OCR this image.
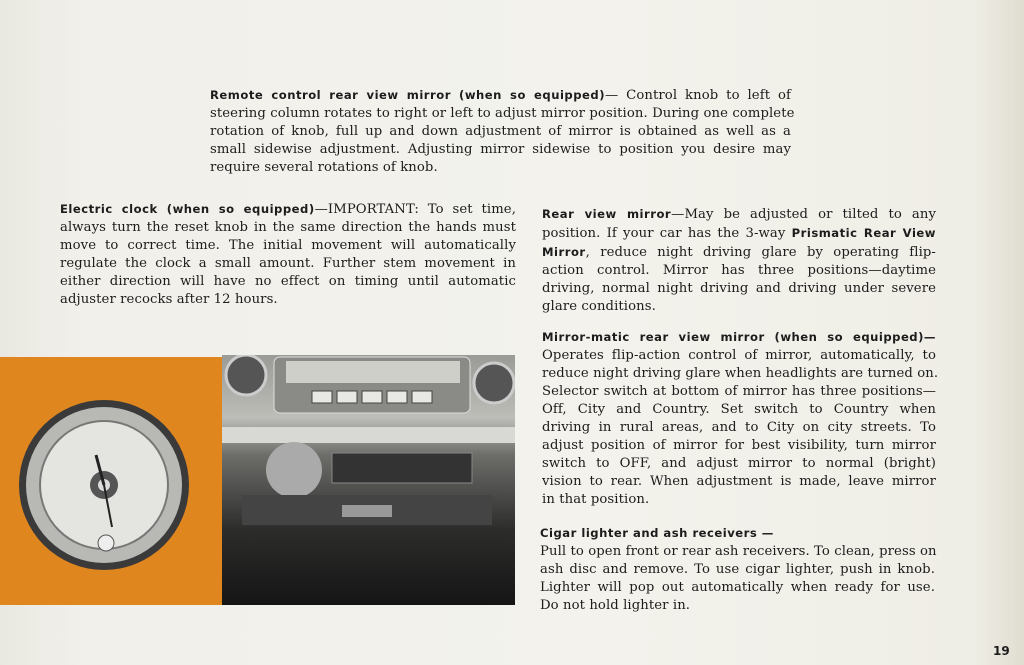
Remote control rear view mirror (when so equipped)— Control knob to left of
steering column rotates to right or left to adjust mirror position. During one complete
rotation of knob, full up and down adjustment of mirror is obtained as well as a
small sidewise adjustment. Adjusting mirror sidewise to position you desire may
require several rotations of knob.
Electric clock (when so equipped)—IMPORTANT: To set time,
always turn the reset knob in the same direction the hands must
move to correct time. The initial movement will automatically
regulate the clock a small amount. Further stem movement in
either direction will have no effect on timing until automatic
adjuster recocks after 12 hours.
Rear view mirror—May be adjusted or tilted to any
position. If your car has the 3-way Prismatic Rear View
Mirror, reduce night driving glare by operating flip-
action control. Mirror has three positions—daytime
driving, normal night driving and driving under severe
glare conditions.
Mirror-matic rear view mirror (when so equipped)—
Operates flip-action control of mirror, automatically, to
reduce night driving glare when headlights are turned on.
Selector switch at bottom of mirror has three positions—
Off, City and Country. Set switch to Country when
driving in rural areas, and to City on city streets. To
adjust position of mirror for best visibility, turn mirror
switch to OFF, and adjust mirror to normal (bright)
vision to rear. When adjustment is made, leave mirror
in that position.
Cigar lighter and ash receivers —
Pull to open front or rear ash receivers. To clean, press on
ash disc and remove. To use cigar lighter, push in knob.
Lighter will pop out automatically when ready for use.
Do not hold lighter in.
19
